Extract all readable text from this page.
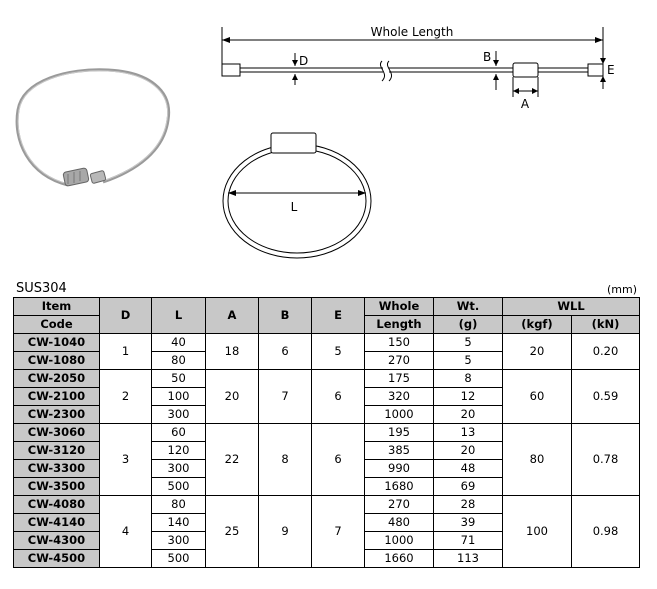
Whole Length
D	B
A
E
L
SUS304	(mm)
Item	D	L	A	B	E	Whole	Wt.	WLL	
Code						Length	(g)	(kgf)	(kN)
CW-1040	1	40	18	6	5	150	5	20	0.20
CW-1080		80				270	5		
CW-2050	2	50	20	7	6	175	8	60	0.59
CW-2100		100				320	12		
CW-2300		300				1000	20		
CW-3060	3	60	22	8	6	195	13	80	0.78
CW-3120		120				385	20		
CW-3300		300				990	48		
CW-3500		500				1680	69		
CW-4080	4	80	25	9	7	270	28	100	0.98
CW-4140		140				480	39		
CW-4300		300				1000	71		
CW-4500		500				1660	113		
